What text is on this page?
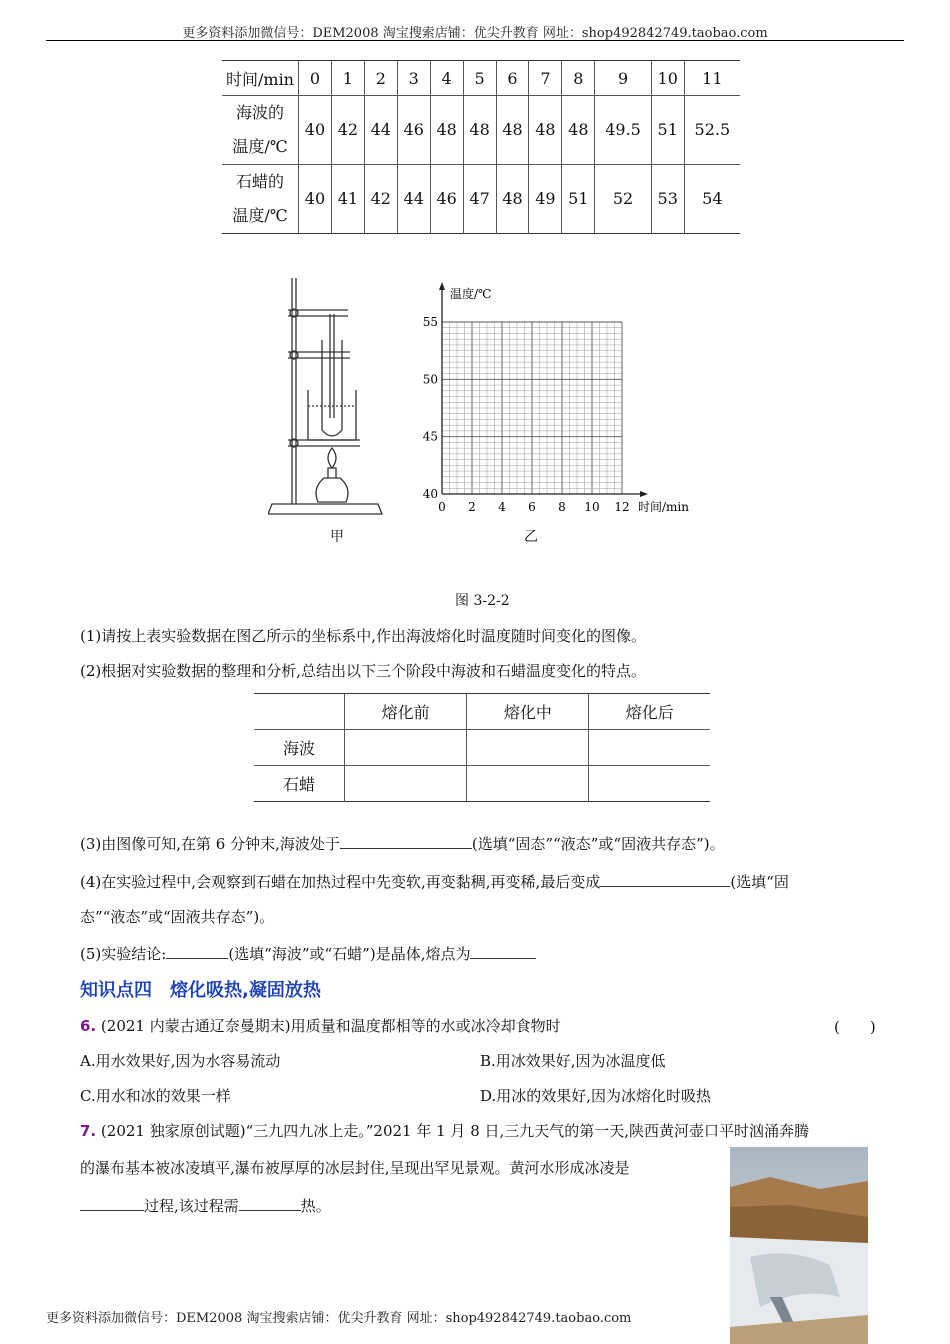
更多资料添加微信号：DEM2008 淘宝搜索店铺：优尖升教育 网址：shop492842749.taobao.com
时间/min	0	1	2	3	4	5	6	7	8	9	10	11
海波的
温度/℃	40	42	44	46	48	48	48	48	48	49.5	51	52.5
石蜡的
温度/℃	40	41	42	44	46	47	48	49	51	52	53	54
甲
0 2 4 6 8 10 12
40
45
50
55
时间/min
温度/℃
乙
图 3-2-2
(1)请按上表实验数据在图乙所示的坐标系中,作出海波熔化时温度随时间变化的图像。
(2)根据对实验数据的整理和分析,总结出以下三个阶段中海波和石蜡温度变化的特点。
	熔化前	熔化中	熔化后
海波			
石蜡			
(3)由图像可知,在第 6 分钟末,海波处于	(选填“固态”“液态”或“固液共存态”)。
(4)在实验过程中,会观察到石蜡在加热过程中先变软,再变黏稠,再变稀,最后变成	(选填“固
态”“液态”或“固液共存态”)。
(5)实验结论:	(选填“海波”或“石蜡”)是晶体,熔点为
知识点四　熔化吸热,凝固放热
6. (2021 内蒙古通辽奈曼期末)用质量和温度都相等的水或冰冷却食物时	(　　)
A.用水效果好,因为水容易流动	B.用冰效果好,因为冰温度低
C.用水和冰的效果一样	D.用冰的效果好,因为冰熔化时吸热
7. (2021 独家原创试题)“三九四九冰上走。”2021 年 1 月 8 日,三九天气的第一天,陕西黄河壶口平时汹涌奔腾
的瀑布基本被冰凌填平,瀑布被厚厚的冰层封住,呈现出罕见景观。黄河水形成冰凌是
过程,该过程需	热。
更多资料添加微信号：DEM2008 淘宝搜索店铺：优尖升教育 网址：shop492842749.taobao.com
